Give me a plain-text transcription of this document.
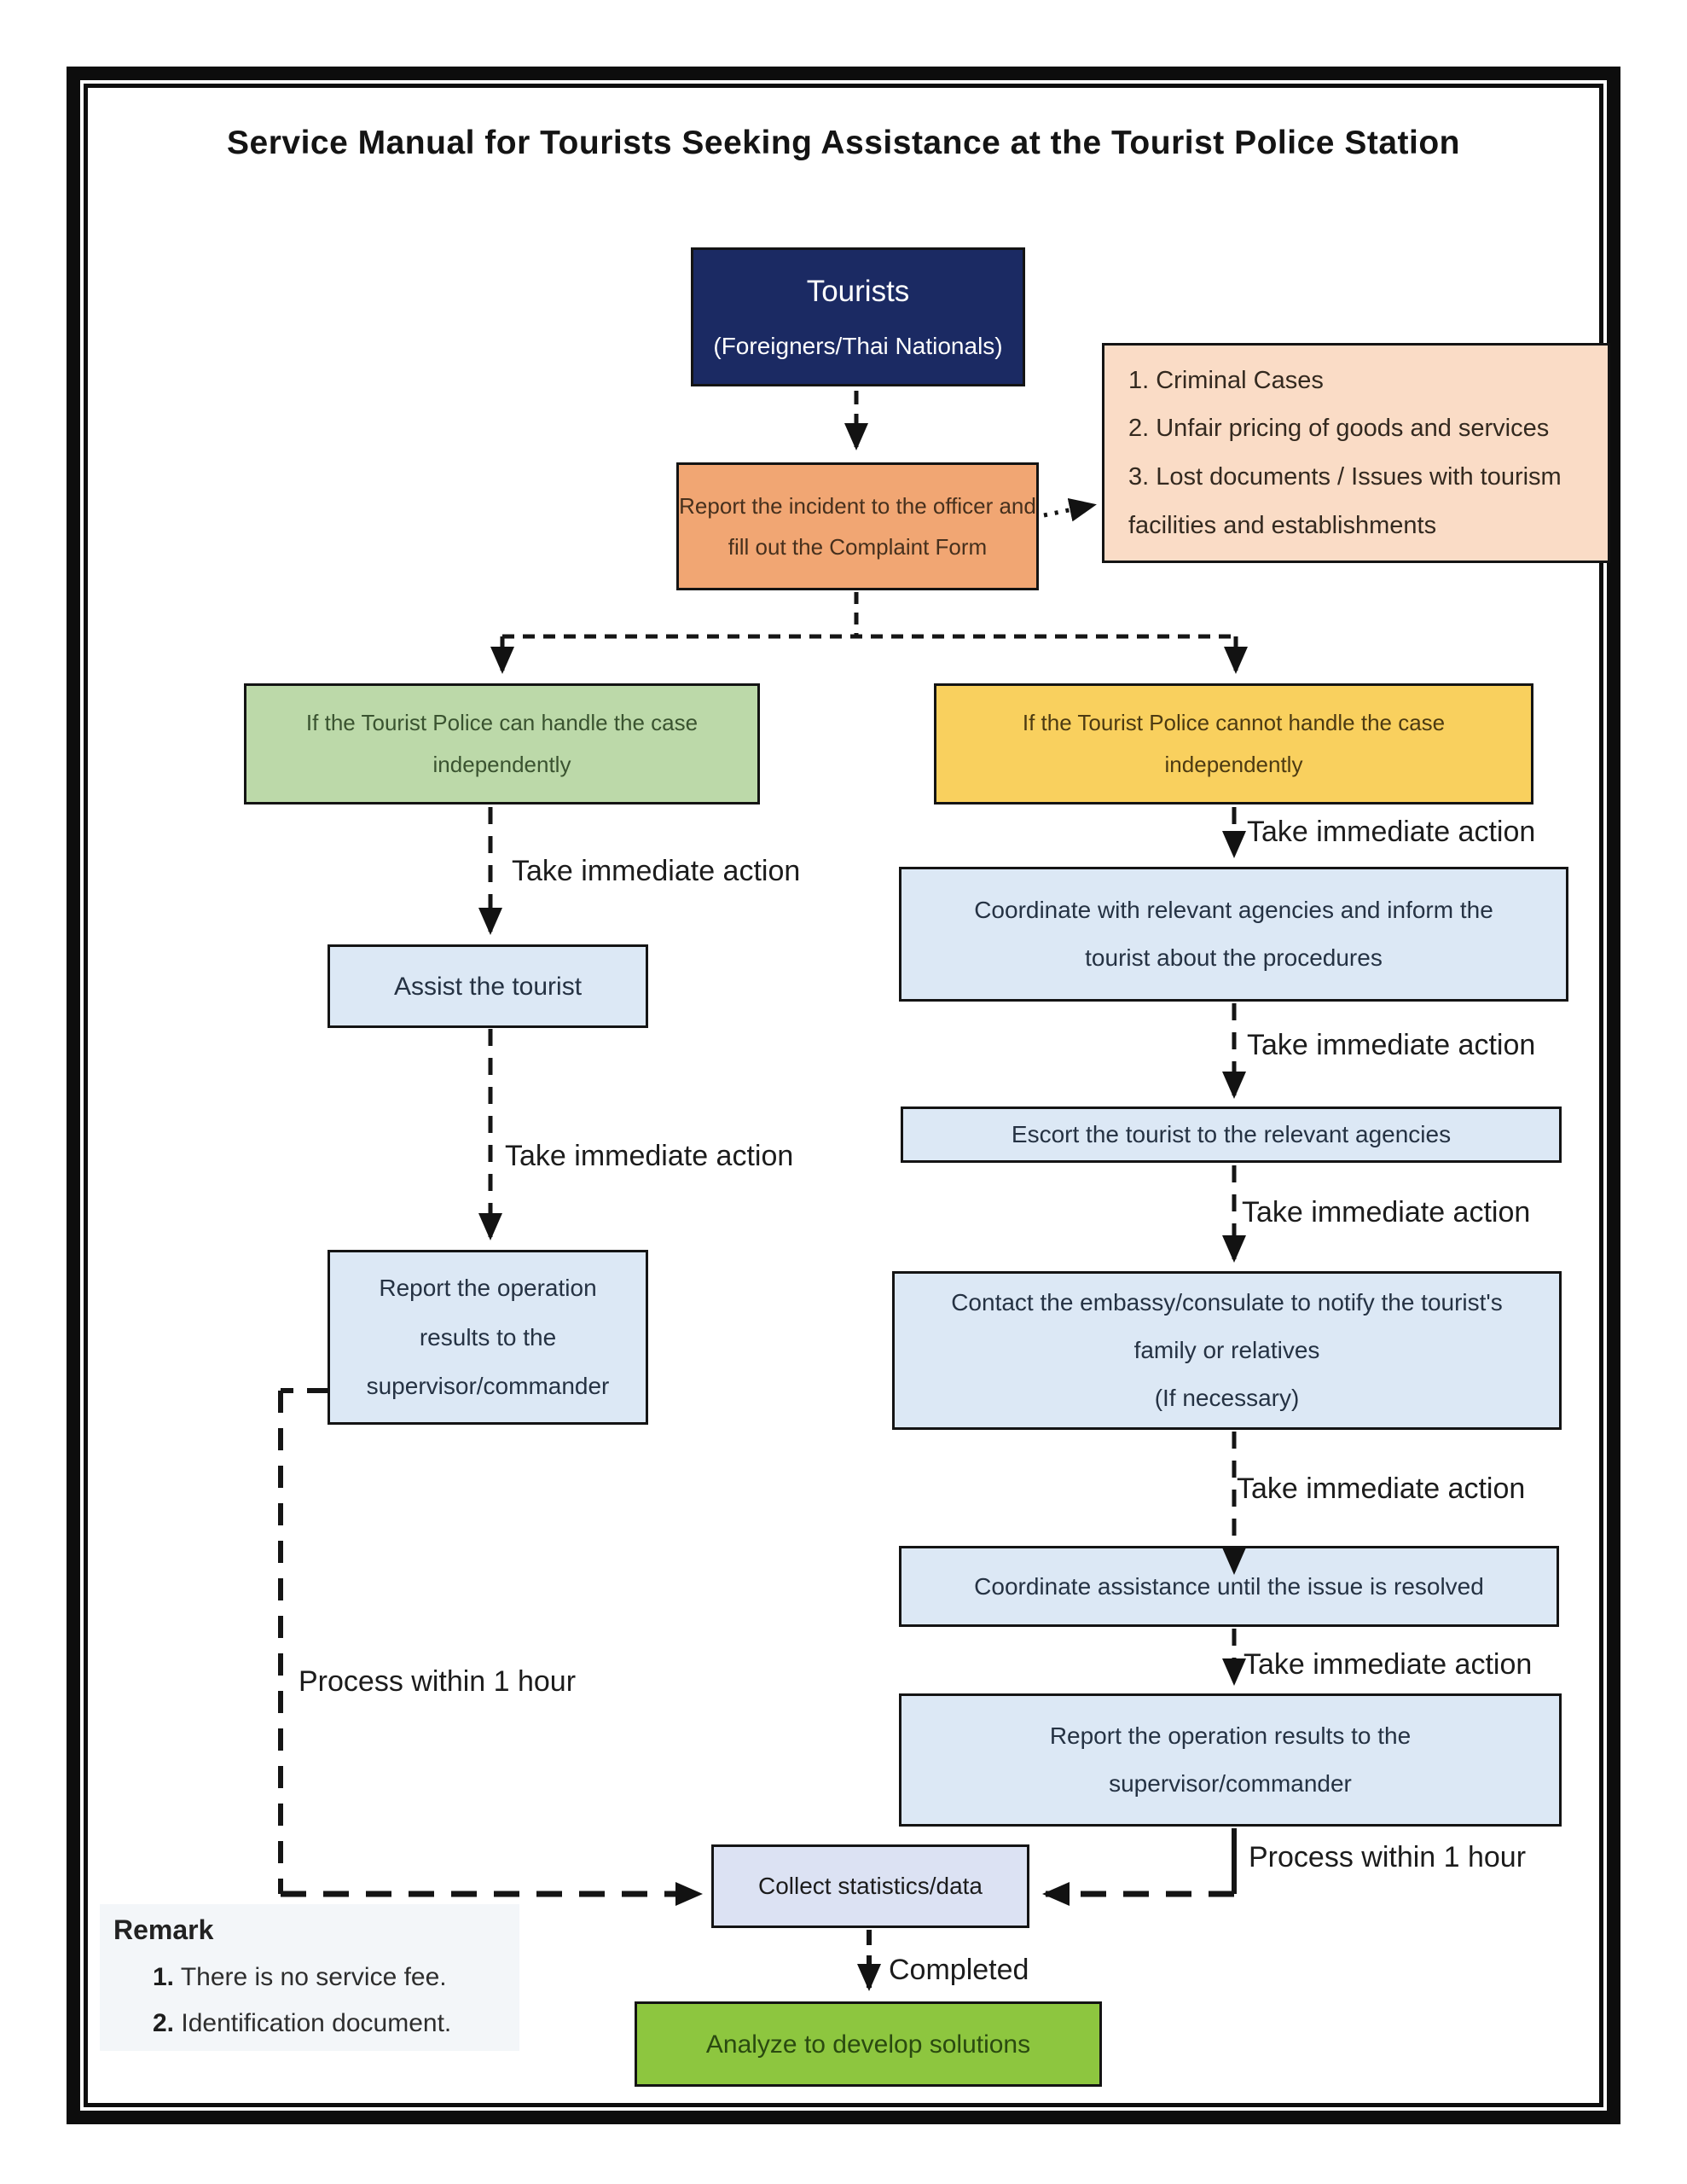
Service Manual for Tourists Seeking Assistance at the Tourist Police Station
Tourists
(Foreigners/Thai Nationals)
Report the incident to the officer and fill out the Complaint Form
1. Criminal Cases
2. Unfair pricing of goods and services
3. Lost documents / Issues with tourism facilities and establishments
If the Tourist Police can handle the case independently
If the Tourist Police cannot handle the case independently
Assist the tourist
Report the operation results to the supervisor/commander
Coordinate with relevant agencies and inform the tourist about the procedures
Escort the tourist to the relevant agencies
Contact the embassy/consulate to notify the tourist's family or relatives
(If necessary)
Coordinate assistance until the issue is resolved
Report the operation results to the supervisor/commander
Collect statistics/data
Analyze to develop solutions
Take immediate action
Take immediate action
Process within 1 hour
Take immediate action
Take immediate action
Take immediate action
Take immediate action
Take immediate action
Process within 1 hour
Completed
Remark
1. There is no service fee.
2. Identification document.
